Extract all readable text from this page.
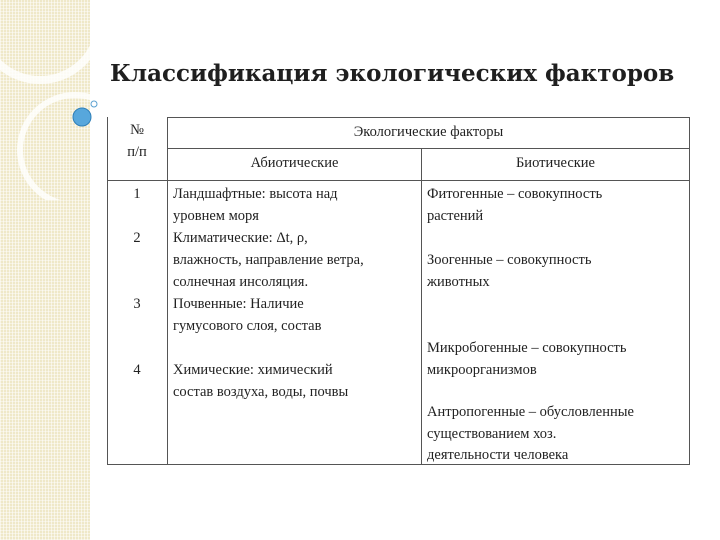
Классификация экологических факторов
№
п/п
Экологические факторы
Абиотические	Биотические
1
2
3
4
Ландшафтные: высота над
уровнем моря
Климатические: Δt, ρ,
влажность, направление ветра,
солнечная инсоляция.
Почвенные: Наличие
гумусового слоя, состав
Химические: химический
состав воздуха, воды, почвы
Фитогенные – совокупность
растений
Зоогенные – совокупность
животных
Микробогенные – совокупность
микроорганизмов
Антропогенные – обусловленные
существованием хоз.
деятельности человека
